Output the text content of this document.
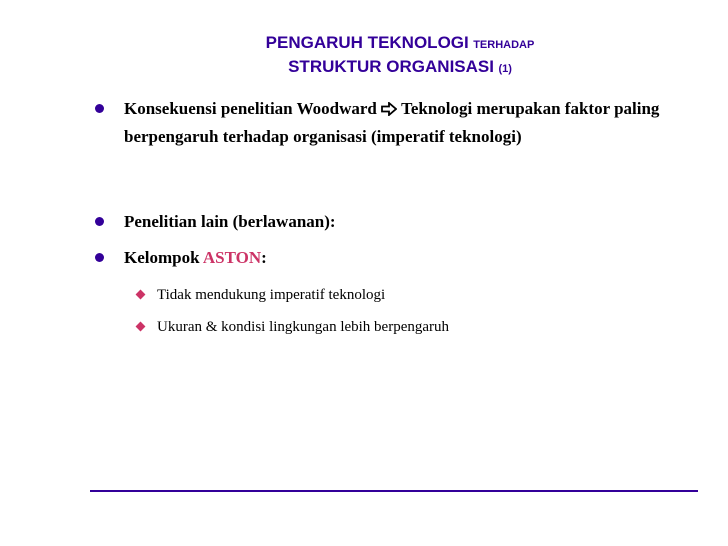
PENGARUH TEKNOLOGI TERHADAP
STRUKTUR ORGANISASI (1)
Konsekuensi penelitian Woodward Teknologi merupakan faktor paling berpengaruh terhadap organisasi (imperatif teknologi)
Penelitian lain (berlawanan):
Kelompok ASTON:
Tidak mendukung imperatif teknologi
Ukuran & kondisi lingkungan lebih berpengaruh
